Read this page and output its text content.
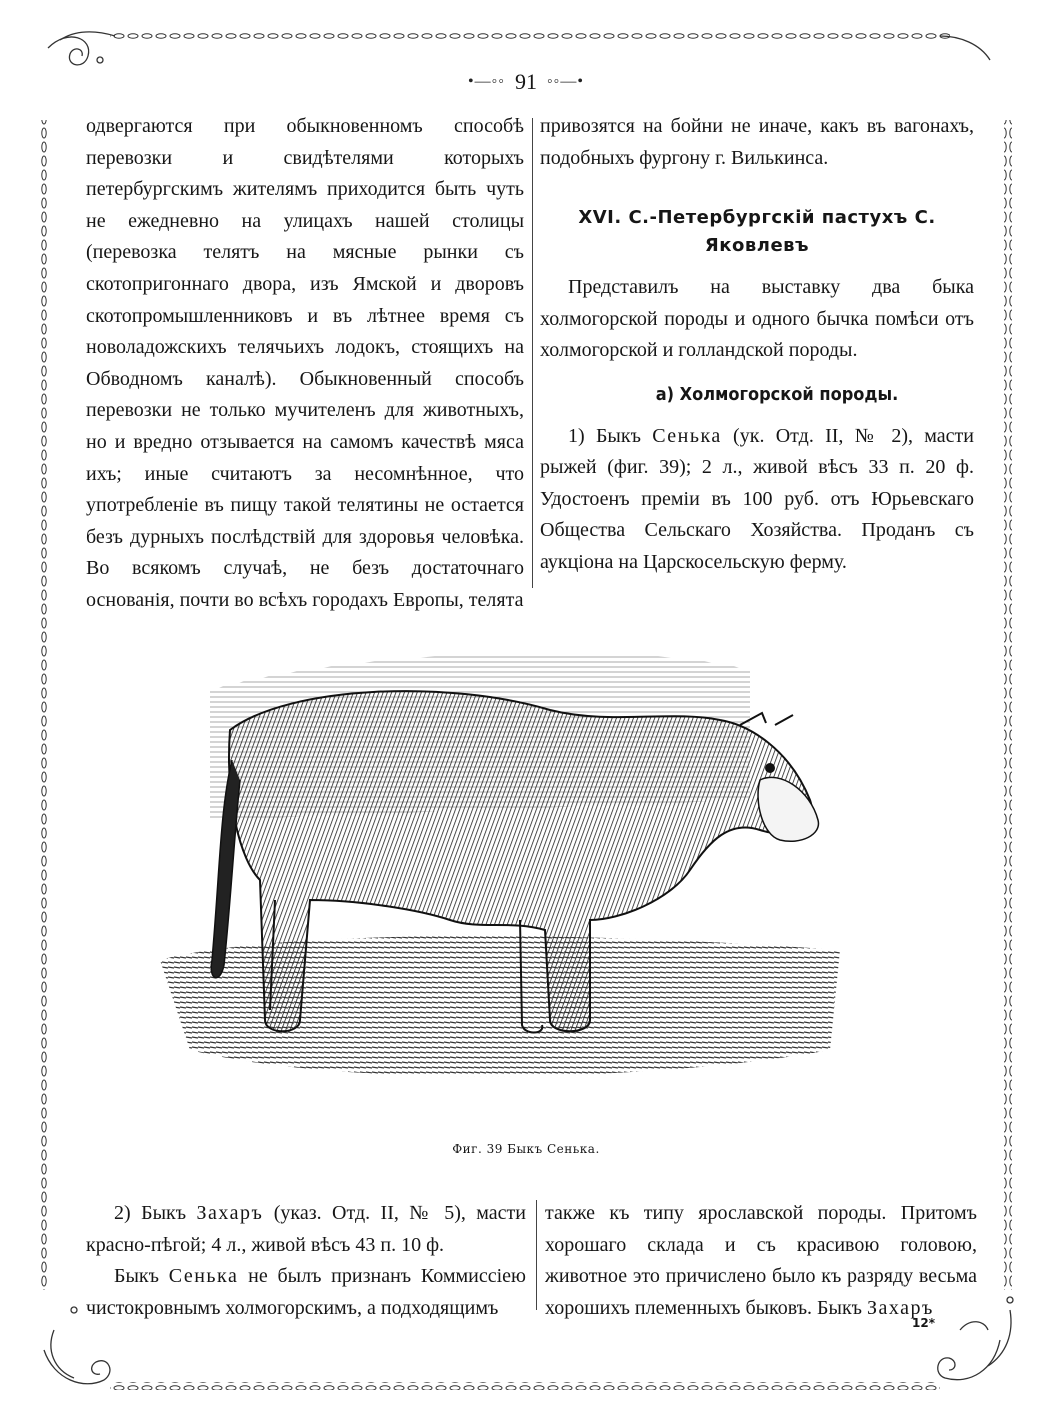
•—◦◦ 91 ◦◦—•

одвергаются при обыкновенномъ способѣ перевозки и свидѣтелями которыхъ петербургскимъ жителямъ приходится быть чуть не ежедневно на улицахъ нашей столицы (перевозка телятъ на мясные рынки съ скотопригоннаго двора, изъ Ямской и дворовъ скотопромышленниковъ и въ лѣтнее время съ новоладожскихъ телячьихъ лодокъ, стоящихъ на Обводномъ каналѣ). Обыкновенный способъ перевозки не только мучителенъ для животныхъ, но и вредно отзывается на самомъ качествѣ мяса ихъ; иные считаютъ за несомнѣнное, что употребленіе въ пищу такой телятины не остается безъ дурныхъ послѣдствій для здоровья человѣка. Во всякомъ случаѣ, не безъ достаточнаго основанія, почти во всѣхъ городахъ Европы, телята

привозятся на бойни не иначе, какъ въ вагонахъ, подобныхъ фургону г. Вилькинса.

XVI. С.-Петербургскій пастухъ С. Яковлевъ

Представилъ на выставку два быка холмогорской породы и одного бычка помѣси отъ холмогорской и голландской породы.

а) Холмогорской породы.

1) Быкъ Сенька (ук. Отд. II, № 2), масти рыжей (фиг. 39); 2 л., живой вѣсъ 33 п. 20 ф. Удостоенъ преміи въ 100 руб. отъ Юрьевскаго Общества Сельскаго Хозяйства. Проданъ съ аукціона на Царскосельскую ферму.

Фиг. 39 Быкъ Сенька.

2) Быкъ Захаръ (указ. Отд. II, № 5), масти красно-пѣгой; 4 л., живой вѣсъ 43 п. 10 ф.

Быкъ Сенька не былъ признанъ Коммиссіею чистокровнымъ холмогорскимъ, а подходящимъ

также къ типу ярославской породы. Притомъ хорошаго склада и съ красивою головою, животное это причислено было къ разряду весьма хорошихъ племенныхъ быковъ. Быкъ Захаръ

12*
